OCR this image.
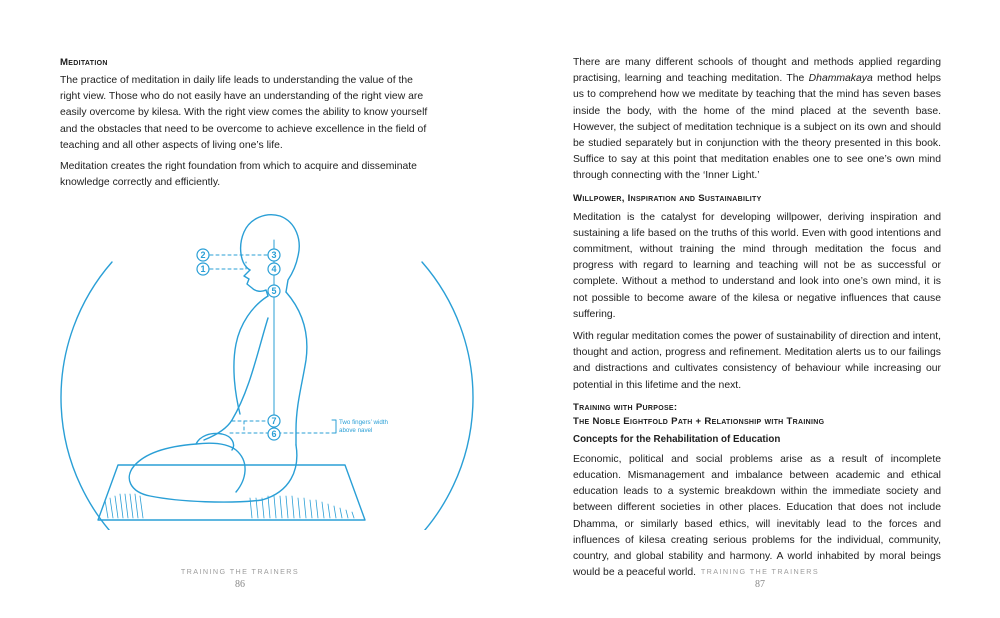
Meditation

The practice of meditation in daily life leads to understanding the value of the right view. Those who do not easily have an understanding of the right view are easily overcome by kilesa. With the right view comes the ability to know yourself and the obstacles that need to be overcome to achieve excellence in the field of teaching and all other aspects of living one’s life.

Meditation creates the right foundation from which to acquire and disseminate knowledge correctly and efficiently.

2
1
3
4
5
7
6
Two fingers’ width
above navel
TRAINING THE TRAINERS
86

There are many different schools of thought and methods applied regarding practising, learning and teaching meditation. The Dhammakaya method helps us to comprehend how we meditate by teaching that the mind has seven bases inside the body, with the home of the mind placed at the seventh base. However, the subject of meditation technique is a subject on its own and should be studied separately but in conjunction with the theory presented in this book. Suffice to say at this point that meditation enables one to see one’s own mind through connecting with the ‘Inner Light.’

Willpower, Inspiration and Sustainability

Meditation is the catalyst for developing willpower, deriving inspiration and sustaining a life based on the truths of this world. Even with good intentions and commitment, without training the mind through meditation the focus and progress with regard to learning and teaching will not be as successful or complete. Without a method to understand and look into one’s own mind, it is not possible to become aware of the kilesa or negative influences that cause suffering.

With regular meditation comes the power of sustainability of direction and intent, thought and action, progress and refinement. Meditation alerts us to our failings and distractions and cultivates consistency of behaviour while increasing our potential in this lifetime and the next.

Training with Purpose:

The Noble Eightfold Path + Relationship with Training

Concepts for the Rehabilitation of Education

Economic, political and social problems arise as a result of incomplete education. Mismanagement and imbalance between academic and ethical education leads to a systemic breakdown within the immediate society and between different societies in other places. Education that does not include Dhamma, or similarly based ethics, will inevitably lead to the forces and influences of kilesa creating serious problems for the individual, community, country, and global stability and harmony. A world inhabited by moral beings would be a peaceful world. TRAINING THE TRAINERS
87
